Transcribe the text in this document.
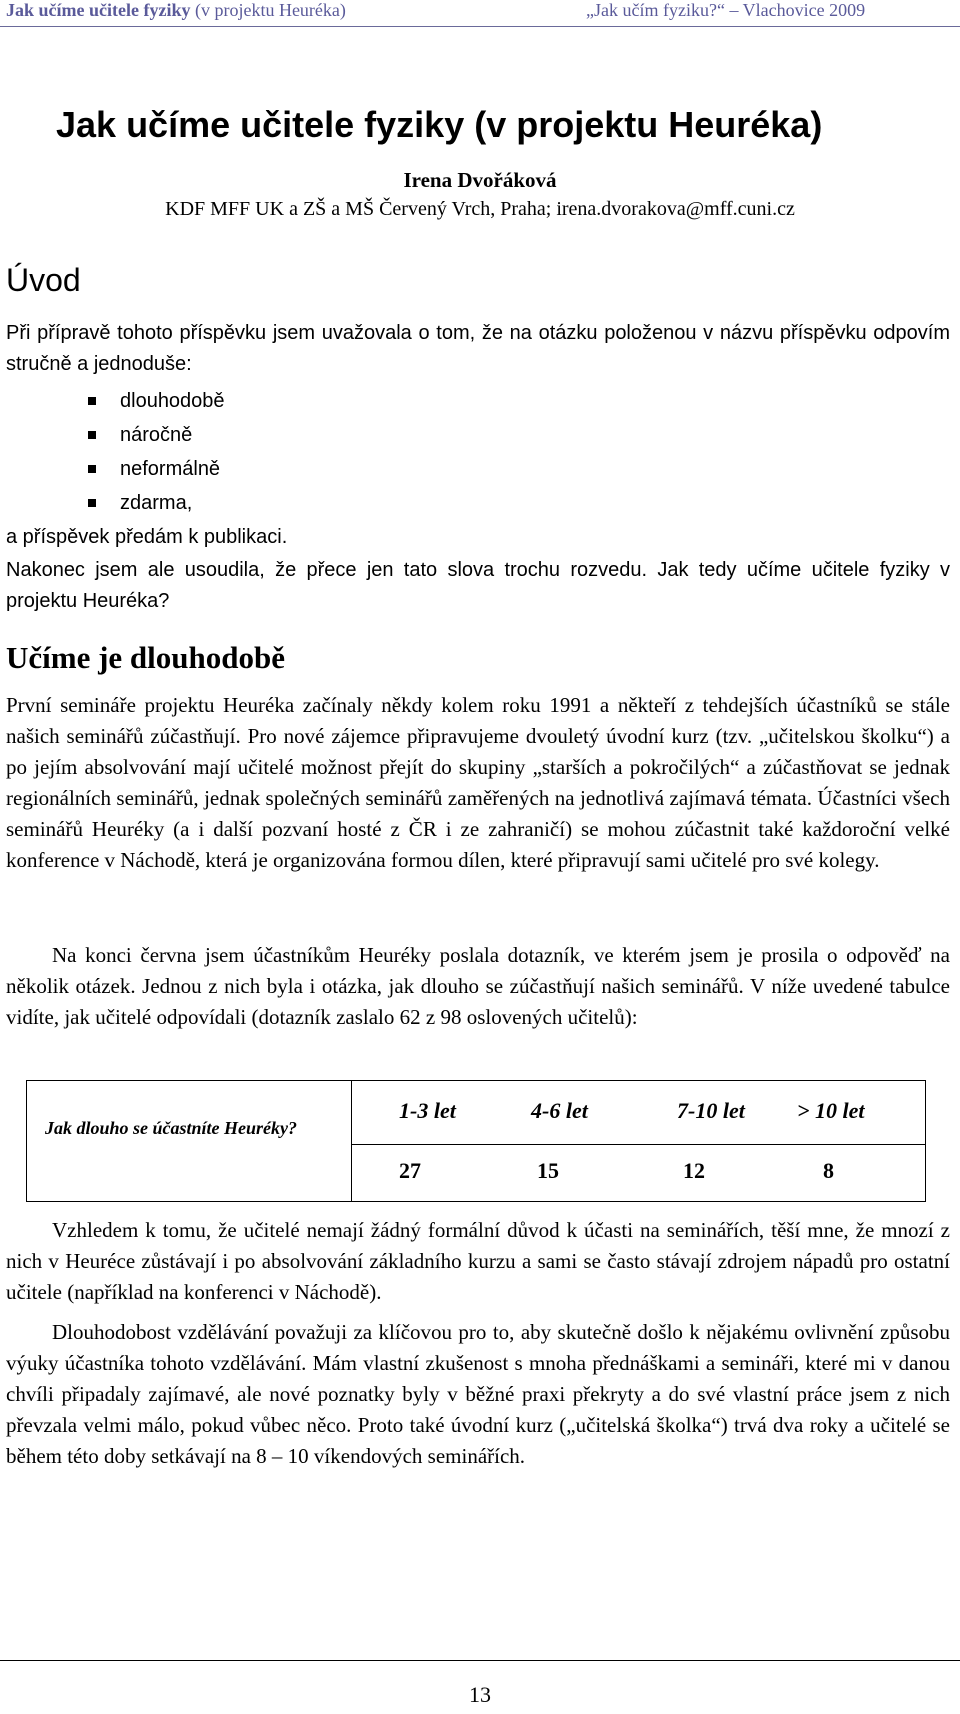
Jak učíme učitele fyziky (v projektu Heuréka)	„Jak učím fyziku?“ – Vlachovice 2009
Jak učíme učitele fyziky (v projektu Heuréka)

Irena Dvořáková

KDF MFF UK a ZŠ a MŠ Červený Vrch, Praha; irena.dvorakova@mff.cuni.cz

Úvod

Při přípravě tohoto příspěvku jsem uvažovala o tom, že na otázku položenou v názvu příspěvku odpovím stručně a jednoduše:

dlouhodobě
náročně
neformálně
zdarma,

a příspěvek předám k publikaci.

Nakonec jsem ale usoudila, že přece jen tato slova trochu rozvedu. Jak tedy učíme učitele fyziky v projektu Heuréka?

Učíme je dlouhodobě

První semináře projektu Heuréka začínaly někdy kolem roku 1991 a někteří z tehdejších účastníků se stále našich seminářů zúčastňují. Pro nové zájemce připravujeme dvouletý úvodní kurz (tzv. „učitelskou školku“) a po jejím absolvování mají učitelé možnost přejít do skupiny „starších a pokročilých“ a zúčastňovat se jednak regionálních seminářů, jednak společných seminářů zaměřených na jednotlivá zajímavá témata. Účastníci všech seminářů Heuréky (a i další pozvaní hosté z ČR i ze zahraničí) se mohou zúčastnit také každoroční velké konference v Náchodě, která je organizována formou dílen, které připravují sami učitelé pro své kolegy.

Na konci června jsem účastníkům Heuréky poslala dotazník, ve kterém jsem je prosila o odpověď na několik otázek. Jednou z nich byla i otázka, jak dlouho se zúčastňují našich seminářů. V níže uvedené tabulce vidíte, jak učitelé odpovídali (dotazník zaslalo 62 z 98 oslovených učitelů):

Jak dlouho se účastníte Heuréky?
1-3 let	4-6 let	7-10 let > 10 let
27	15	12	8

Vzhledem k tomu, že učitelé nemají žádný formální důvod k účasti na seminářích, těší mne, že mnozí z nich v Heuréce zůstávají i po absolvování základního kurzu a sami se často stávají zdrojem nápadů pro ostatní učitele (například na konferenci v Náchodě).

Dlouhodobost vzdělávání považuji za klíčovou pro to, aby skutečně došlo k nějakému ovlivnění způsobu výuky účastníka tohoto vzdělávání. Mám vlastní zkušenost s mnoha přednáškami a semináři, které mi v danou chvíli připadaly zajímavé, ale nové poznatky byly v běžné praxi překryty a do své vlastní práce jsem z nich převzala velmi málo, pokud vůbec něco. Proto také úvodní kurz („učitelská školka“) trvá dva roky a učitelé se během této doby setkávají na 8 – 10 víkendových seminářích.

13
